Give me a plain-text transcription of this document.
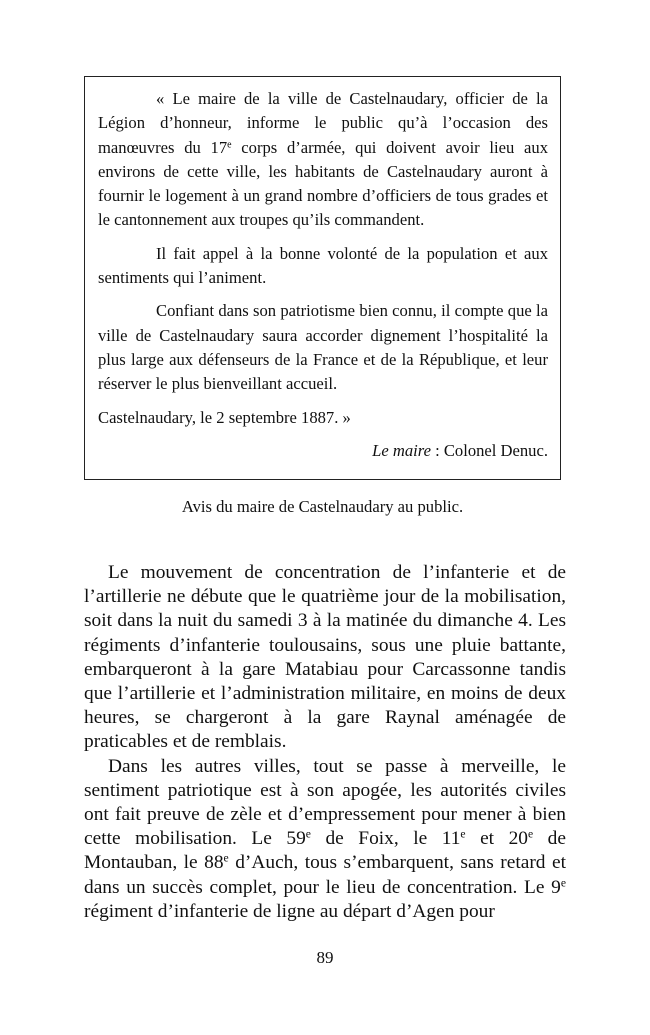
« Le maire de la ville de Castelnaudary, officier de la Légion d’honneur, informe le public qu’à l’occasion des manœuvres du 17e corps d’armée, qui doivent avoir lieu aux environs de cette ville, les habitants de Castelnaudary auront à fournir le logement à un grand nombre d’officiers de tous grades et le cantonnement aux troupes qu’ils commandent.

Il fait appel à la bonne volonté de la population et aux sentiments qui l’animent.

Confiant dans son patriotisme bien connu, il compte que la ville de Castelnaudary saura accorder dignement l’hospitalité la plus large aux défenseurs de la France et de la République, et leur réserver le plus bienveillant accueil.

Castelnaudary, le 2 septembre 1887. »

Le maire : Colonel Denuc.

Avis du maire de Castelnaudary au public.

Le mouvement de concentration de l’infanterie et de l’artillerie ne débute que le quatrième jour de la mobilisation, soit dans la nuit du samedi 3 à la matinée du dimanche 4. Les régiments d’infanterie toulousains, sous une pluie battante, embarqueront à la gare Matabiau pour Carcassonne tandis que l’artillerie et l’administration militaire, en moins de deux heures, se chargeront à la gare Raynal aménagée de praticables et de remblais.

Dans les autres villes, tout se passe à merveille, le sentiment patriotique est à son apogée, les autorités civiles ont fait preuve de zèle et d’empressement pour mener à bien cette mobilisation. Le 59e de Foix, le 11e et 20e de Montauban, le 88e d’Auch, tous s’embarquent, sans retard et dans un succès complet, pour le lieu de concentration. Le 9e régiment d’infanterie de ligne au départ d’Agen pour

89
